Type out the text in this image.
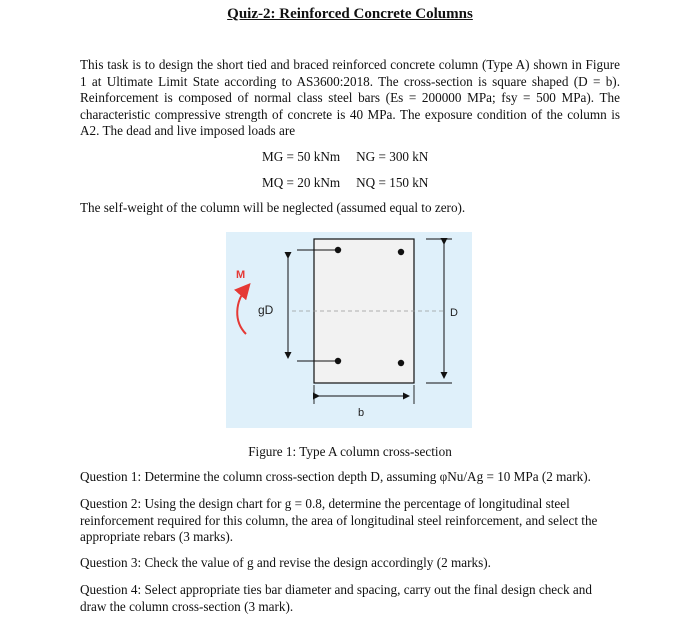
Quiz-2: Reinforced Concrete Columns
This task is to design the short tied and braced reinforced concrete column (Type A) shown in Figure 1 at Ultimate Limit State according to AS3600:2018. The cross-section is square shaped (D = b). Reinforcement is composed of normal class steel bars (Es = 200000 MPa; fsy = 500 MPa). The characteristic compressive strength of concrete is 40 MPa. The exposure condition of the column is A2. The dead and live imposed loads are
MG = 50 kNm NG = 300 kN
MQ = 20 kNm NQ = 150 kN
The self-weight of the column will be neglected (assumed equal to zero).
gD	D
b
M
Figure 1: Type A column cross-section
Question 1: Determine the column cross-section depth D, assuming φNu/Ag = 10 MPa (2 mark).
Question 2: Using the design chart for g = 0.8, determine the percentage of longitudinal steel reinforcement required for this column, the area of longitudinal steel reinforcement, and select the appropriate rebars (3 marks).
Question 3: Check the value of g and revise the design accordingly (2 marks).
Question 4: Select appropriate ties bar diameter and spacing, carry out the final design check and draw the column cross-section (3 mark).
